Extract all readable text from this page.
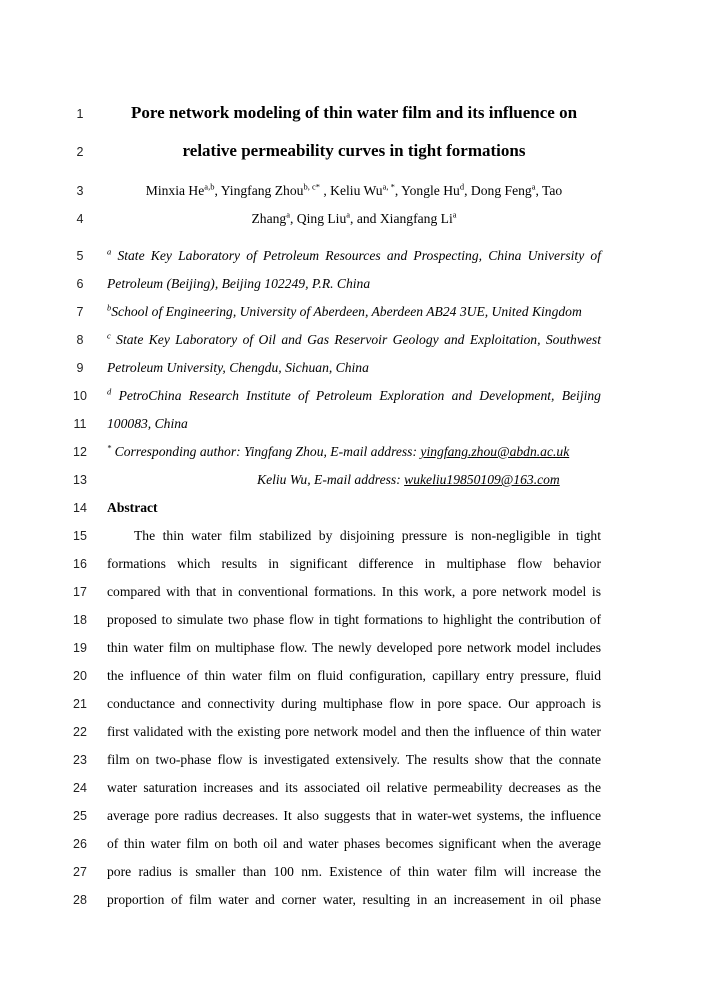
1
2
3
4
5
6
7
8
9
10
11
12
13
14
15
16
17
18
19
20
21
22
23
24
25
26
27
28
Pore network modeling of thin water film and its influence on
relative permeability curves in tight formations
Minxia He$^{a,b}$, Yingfang Zhou$^{b, c*}$ , Keliu $Wu^{a, *}$, Yongle Hu$^d$, Dong Feng$^a$, Tao
Zhang$^a$, Qing Liu$^a$, and Xiangfang Li$^a$
$^a$ State Key Laboratory of Petroleum Resources and Prospecting, China University of
Petroleum (Beijing), Beijing 102249, P.R. China
$^b$School of Engineering, University of Aberdeen, Aberdeen AB24 3UE, United Kingdom
$^c$ State Key Laboratory of Oil and Gas Reservoir Geology and Exploitation, Southwest
Petroleum University, Chengdu, Sichuan, China
$^d$ PetroChina Research Institute of Petroleum Exploration and Development, Beijing
100083, China
* Corresponding author: Yingfang Zhou, E-mail address: yingfang.zhou@abdn.ac.uk
Keliu Wu, E-mail address: wukeliu19850109@163.com
Abstract
The thin water film stabilized by disjoining pressure is non-negligible in tight
formations which results in significant difference in multiphase flow behavior
compared with that in conventional formations. In this work, a pore network model is
proposed to simulate two phase flow in tight formations to highlight the contribution of
thin water film on multiphase flow. The newly developed pore network model includes
the influence of thin water film on fluid configuration, capillary entry pressure, fluid
conductance and connectivity during multiphase flow in pore space. Our approach is
first validated with the existing pore network model and then the influence of thin water
film on two-phase flow is investigated extensively. The results show that the connate
water saturation increases and its associated oil relative permeability decreases as the
average pore radius decreases. It also suggests that in water-wet systems, the influence
of thin water film on both oil and water phases becomes significant when the average
pore radius is smaller than 100 nm. Existence of thin water film will increase the
proportion of film water and corner water, resulting in an increasement in oil phase
